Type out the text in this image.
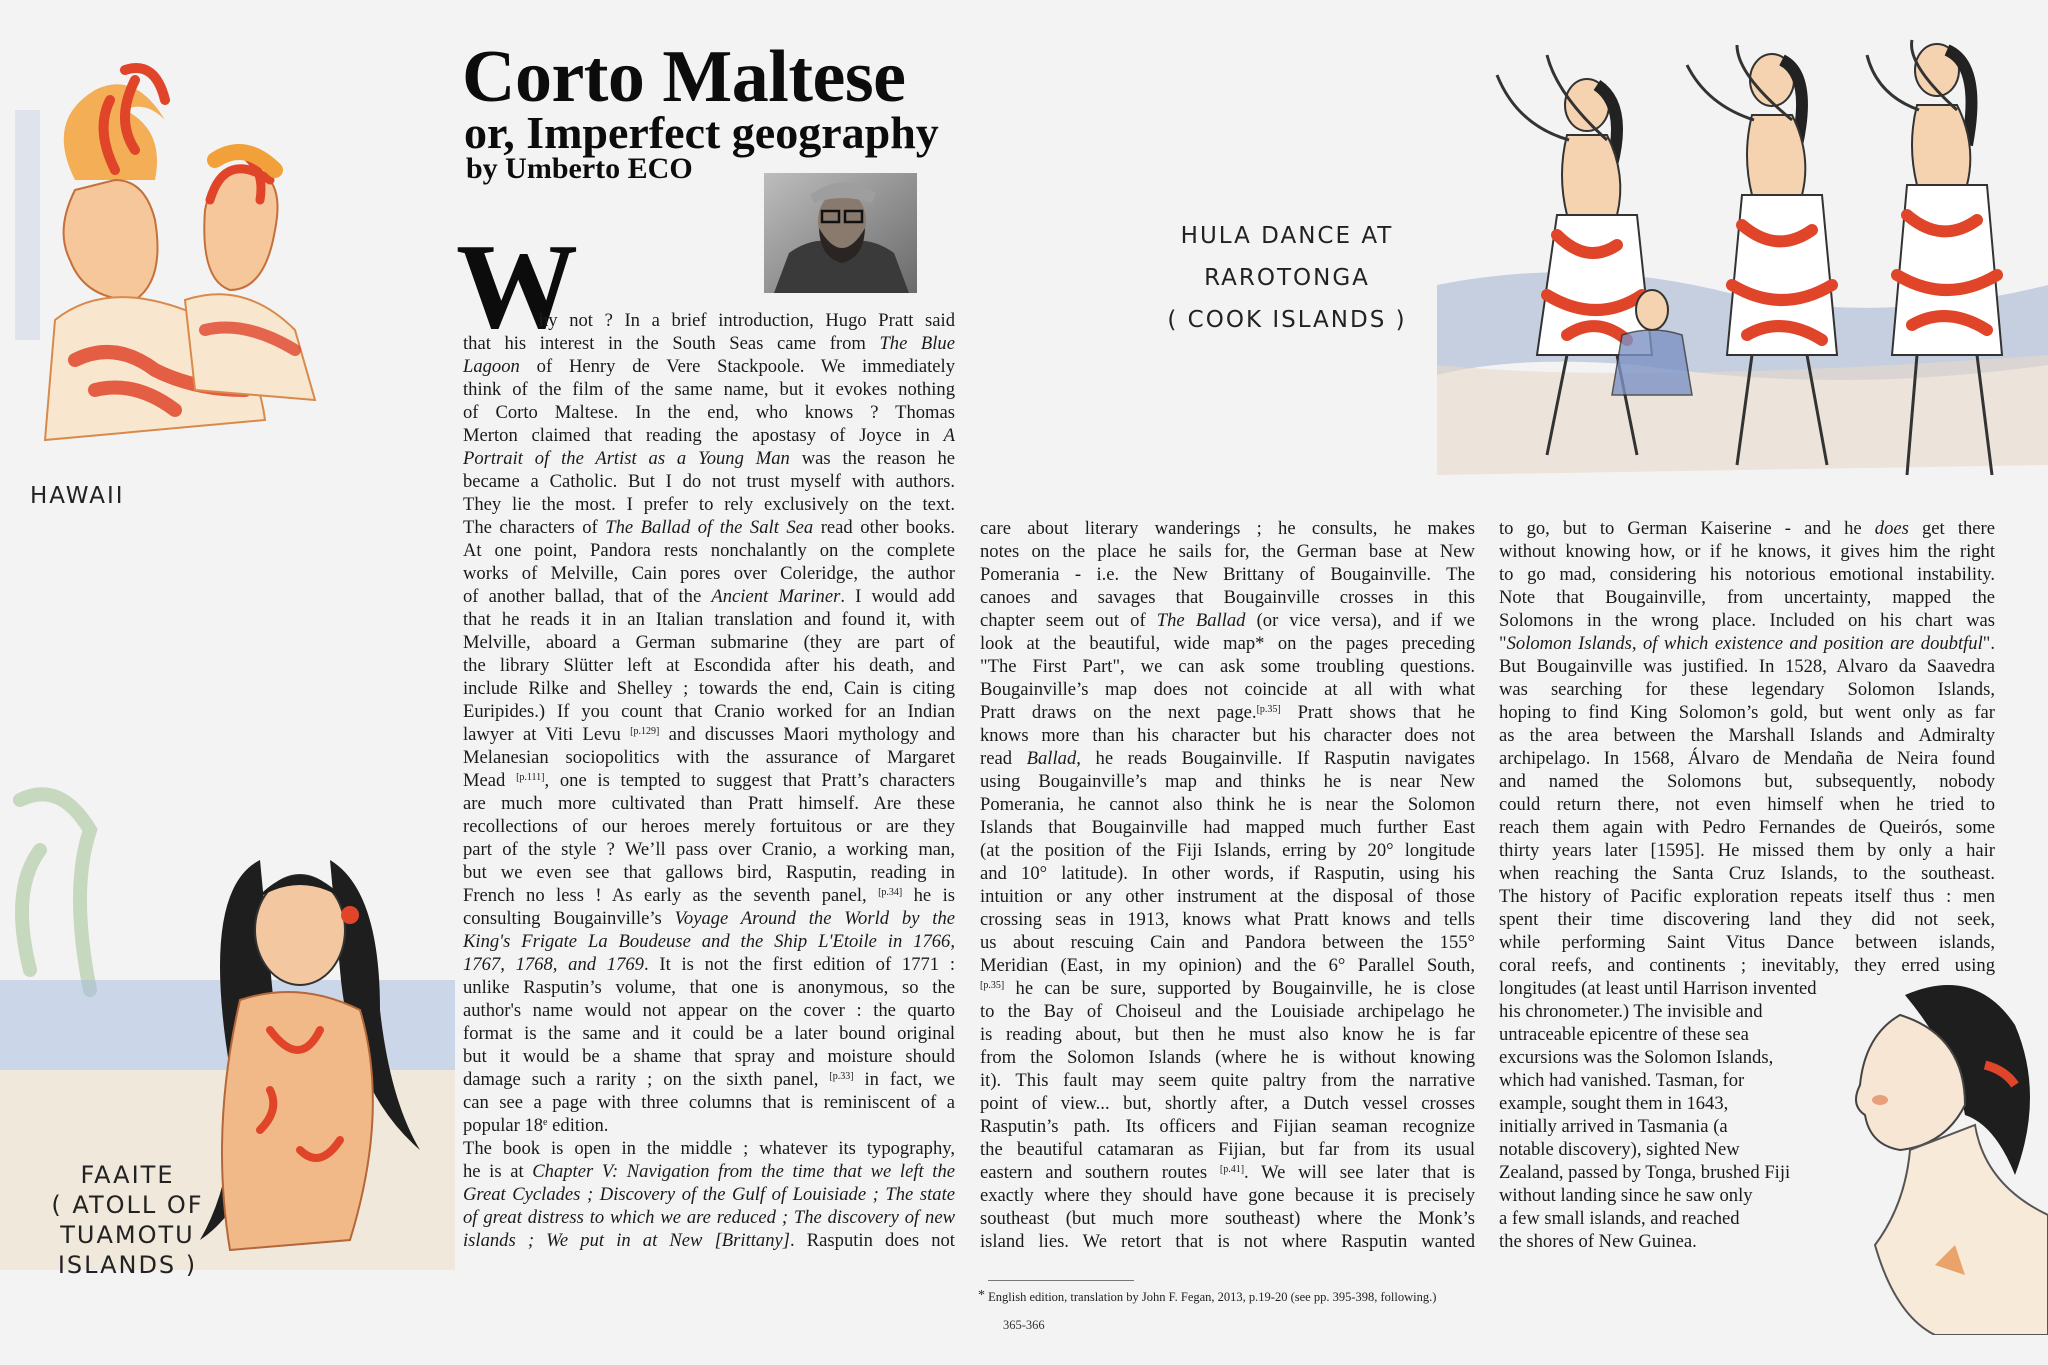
Corto Maltese
or, Imperfect geography
by Umberto ECO
W
hy not ? In a brief introduction, Hugo Pratt said
that his interest in the South Seas came from The Blue
Lagoon of Henry de Vere Stackpoole. We immediately
think of the film of the same name, but it evokes nothing
of Corto Maltese. In the end, who knows ? Thomas
Merton claimed that reading the apostasy of Joyce in A
Portrait of the Artist as a Young Man was the reason he
became a Catholic. But I do not trust myself with authors.
They lie the most. I prefer to rely exclusively on the text.
The characters of The Ballad of the Salt Sea read other books.
At one point, Pandora rests nonchalantly on the complete
works of Melville, Cain pores over Coleridge, the author
of another ballad, that of the Ancient Mariner. I would add
that he reads it in an Italian translation and found it, with
Melville, aboard a German submarine (they are part of
the library Slütter left at Escondida after his death, and
include Rilke and Shelley ; towards the end, Cain is citing
Euripides.) If you count that Cranio worked for an Indian
lawyer at Viti Levu [p.129] and discusses Maori mythology and
Melanesian sociopolitics with the assurance of Margaret
Mead [p.111], one is tempted to suggest that Pratt’s characters
are much more cultivated than Pratt himself. Are these
recollections of our heroes merely fortuitous or are they
part of the style ? We’ll pass over Cranio, a working man,
but we even see that gallows bird, Rasputin, reading in
French no less ! As early as the seventh panel, [p.34] he is
consulting Bougainville’s Voyage Around the World by the
King's Frigate La Boudeuse and the Ship L'Etoile in 1766,
1767, 1768, and 1769. It is not the first edition of 1771 :
unlike Rasputin’s volume, that one is anonymous, so the
author's name would not appear on the cover : the quarto
format is the same and it could be a later bound original
but it would be a shame that spray and moisture should
damage such a rarity ; on the sixth panel, [p.33] in fact, we
can see a page with three columns that is reminiscent of a
popular 18e edition.
The book is open in the middle ; whatever its typography,
he is at Chapter V: Navigation from the time that we left the
Great Cyclades ; Discovery of the Gulf of Louisiade ; The state
of great distress to which we are reduced ; The discovery of new
islands ; We put in at New [Brittany]. Rasputin does not
care about literary wanderings ; he consults, he makes
notes on the place he sails for, the German base at New
Pomerania - i.e. the New Brittany of Bougainville. The
canoes and savages that Bougainville crosses in this
chapter seem out of The Ballad (or vice versa), and if we
look at the beautiful, wide map* on the pages preceding
"The First Part", we can ask some troubling questions.
Bougainville’s map does not coincide at all with what
Pratt draws on the next page.[p.35] Pratt shows that he
knows more than his character but his character does not
read Ballad, he reads Bougainville. If Rasputin navigates
using Bougainville’s map and thinks he is near New
Pomerania, he cannot also think he is near the Solomon
Islands that Bougainville had mapped much further East
(at the position of the Fiji Islands, erring by 20° longitude
and 10° latitude). In other words, if Rasputin, using his
intuition or any other instrument at the disposal of those
crossing seas in 1913, knows what Pratt knows and tells
us about rescuing Cain and Pandora between the 155°
Meridian (East, in my opinion) and the 6° Parallel South,
[p.35] he can be sure, supported by Bougainville, he is close
to the Bay of Choiseul and the Louisiade archipelago he
is reading about, but then he must also know he is far
from the Solomon Islands (where he is without knowing
it). This fault may seem quite paltry from the narrative
point of view... but, shortly after, a Dutch vessel crosses
Rasputin’s path. Its officers and Fijian seaman recognize
the beautiful catamaran as Fijian, but far from its usual
eastern and southern routes [p.41]. We will see later that is
exactly where they should have gone because it is precisely
southeast (but much more southeast) where the Monk’s
island lies. We retort that is not where Rasputin wanted
to go, but to German Kaiserine - and he does get there
without knowing how, or if he knows, it gives him the right
to go mad, considering his notorious emotional instability.
Note that Bougainville, from uncertainty, mapped the
Solomons in the wrong place. Included on his chart was
"Solomon Islands, of which existence and position are doubtful".
But Bougainville was justified. In 1528, Alvaro da Saavedra
was searching for these legendary Solomon Islands,
hoping to find King Solomon’s gold, but went only as far
as the area between the Marshall Islands and Admiralty
archipelago. In 1568, Álvaro de Mendaña de Neira found
and named the Solomons but, subsequently, nobody
could return there, not even himself when he tried to
reach them again with Pedro Fernandes de Queirós, some
thirty years later [1595]. He missed them by only a hair
when reaching the Santa Cruz Islands, to the southeast.
The history of Pacific exploration repeats itself thus : men
spent their time discovering land they did not seek,
while performing Saint Vitus Dance between islands,
coral reefs, and continents ; inevitably, they erred using
longitudes (at least until Harrison invented
his chronometer.) The invisible and
untraceable epicentre of these sea
excursions was the Solomon Islands,
which had vanished. Tasman, for
example, sought them in 1643,
initially arrived in Tasmania (a
notable discovery), sighted New
Zealand, passed by Tonga, brushed Fiji
without landing since he saw only
a few small islands, and reached
the shores of New Guinea.
* English edition, translation by John F. Fegan, 2013, p.19-20 (see pp. 395-398, following.)
365-366
HAWAII
HULA DANCE AT
RAROTONGA
( COOK ISLANDS )
FAAITE
( ATOLL OF
TUAMOTU
ISLANDS )
